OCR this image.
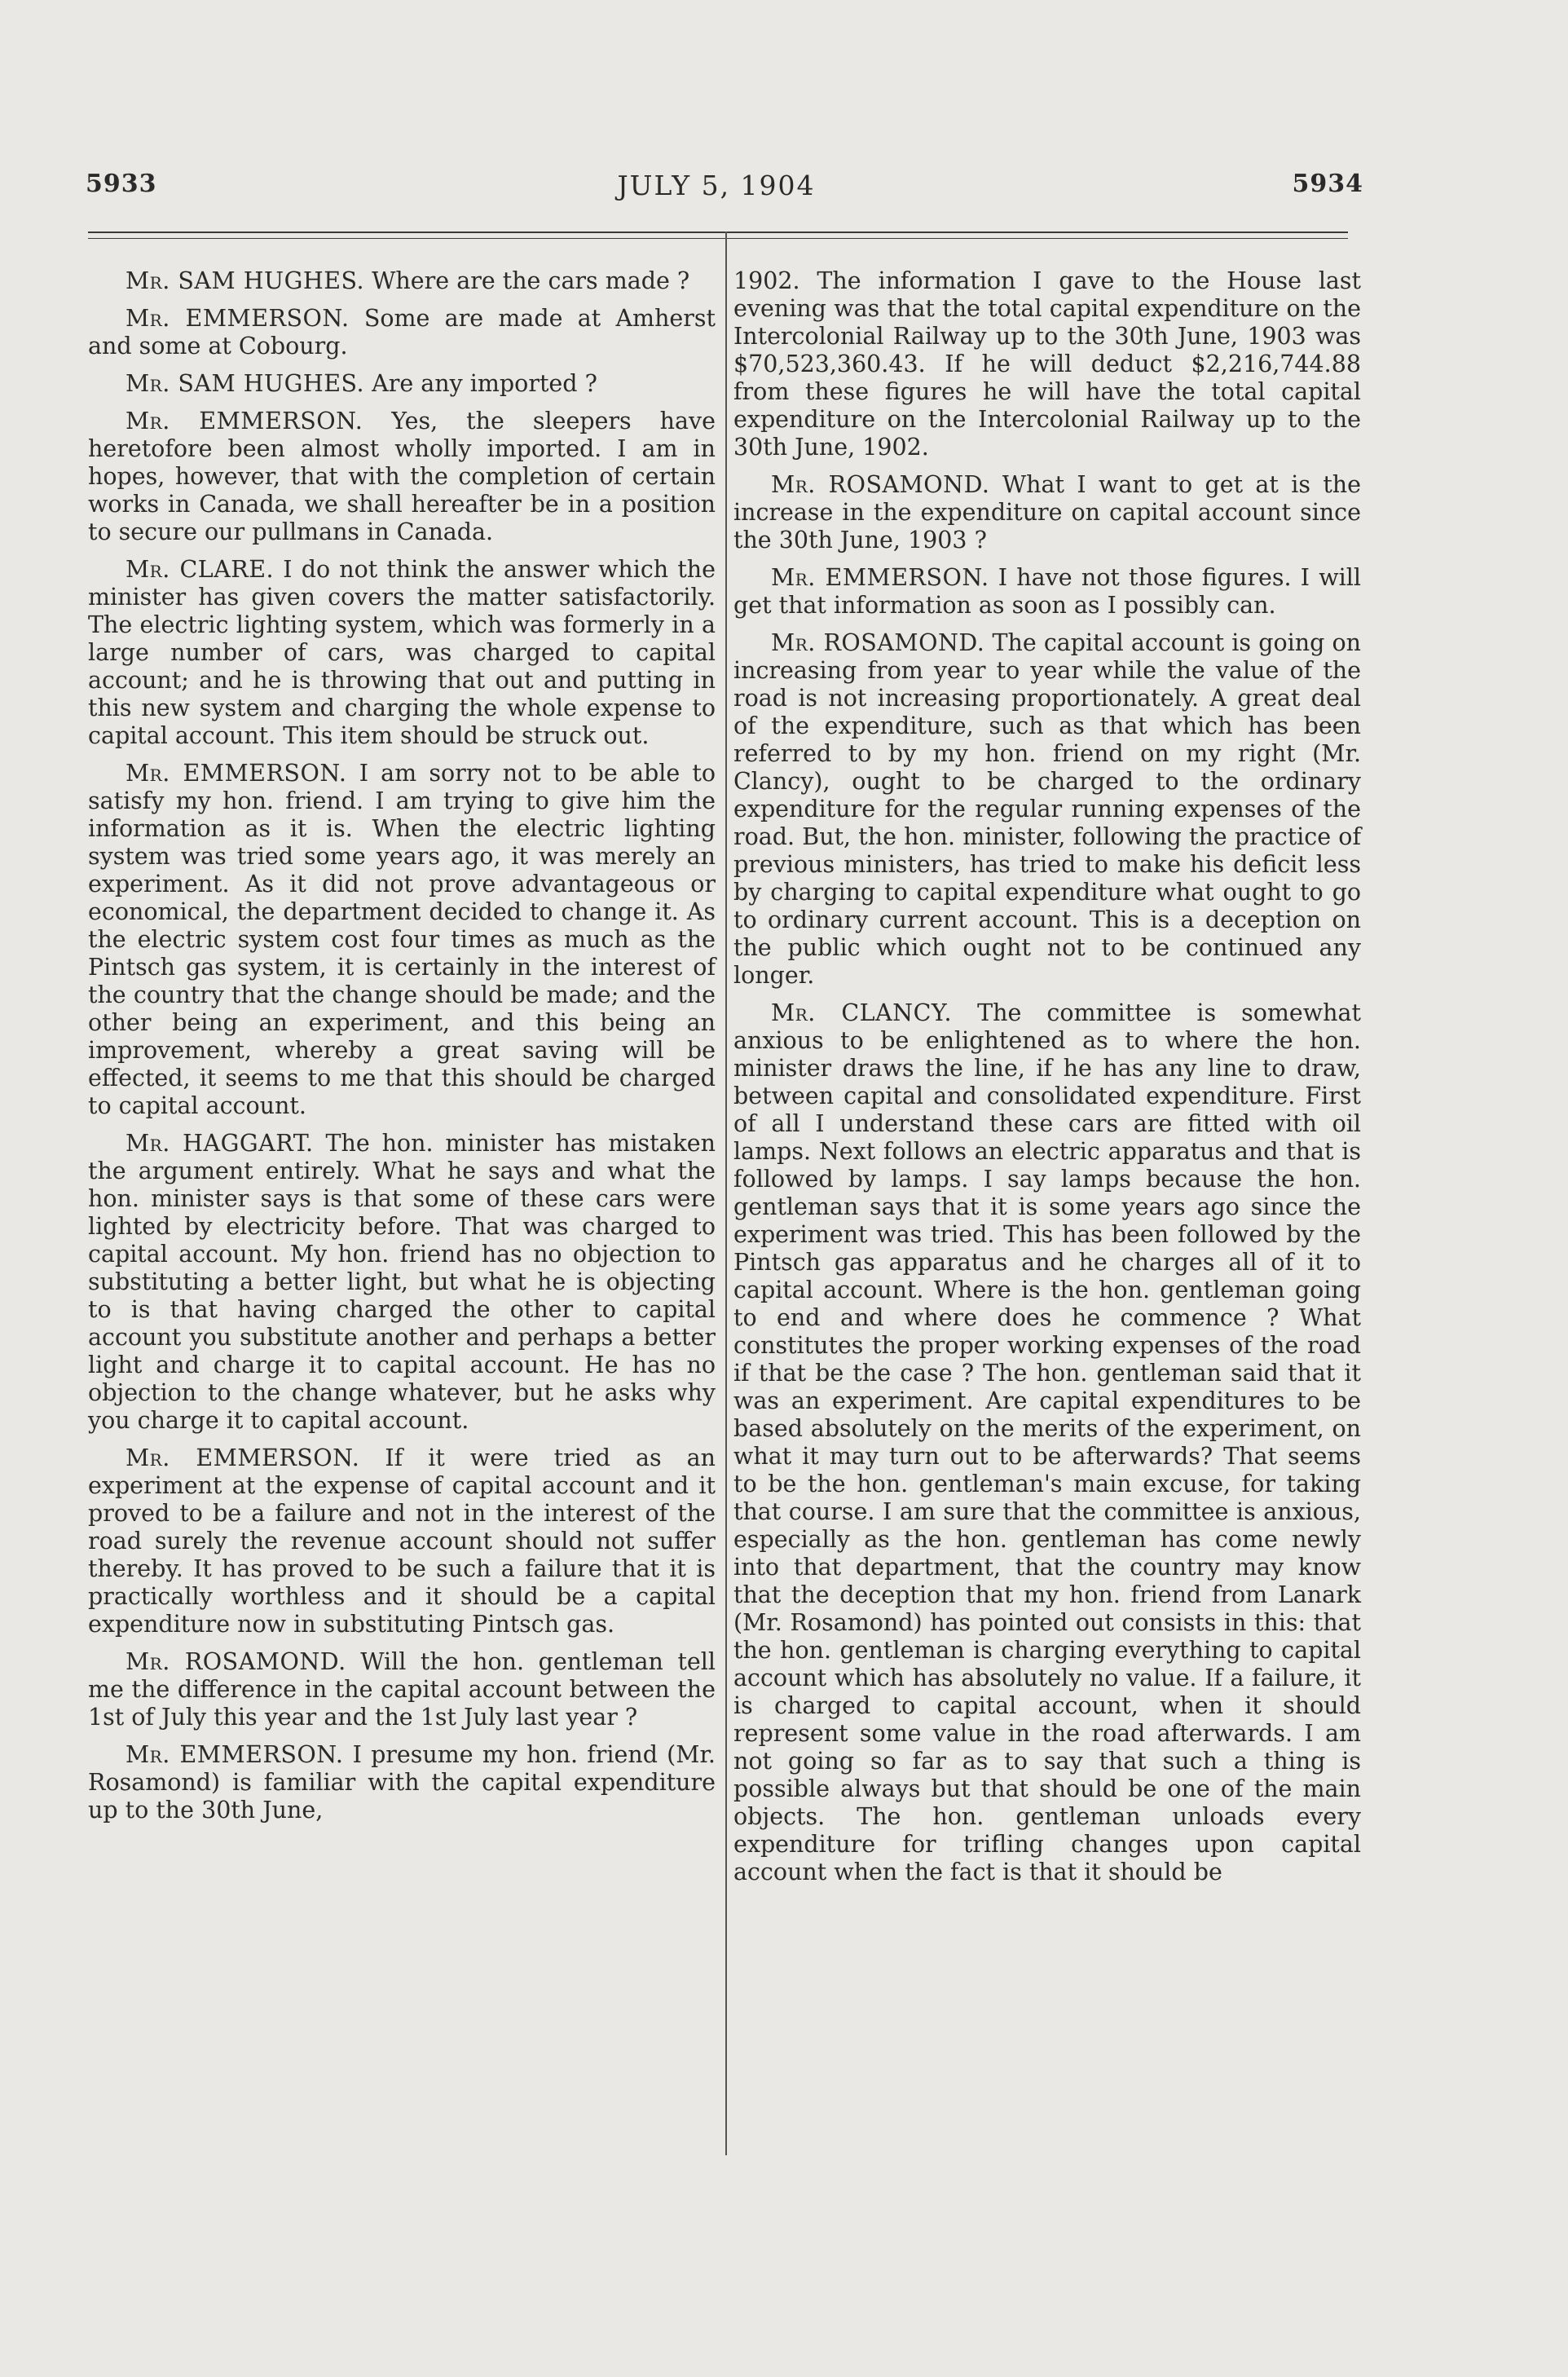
5933	JULY 5, 1904	5934

Mr. SAM HUGHES. Where are the cars made ?

Mr. EMMERSON. Some are made at Amherst and some at Cobourg.

Mr. SAM HUGHES. Are any imported ?

Mr. EMMERSON. Yes, the sleepers have heretofore been almost wholly imported. I am in hopes, however, that with the completion of certain works in Canada, we shall hereafter be in a position to secure our pullmans in Canada.

Mr. CLARE. I do not think the answer which the minister has given covers the matter satisfactorily. The electric lighting system, which was formerly in a large number of cars, was charged to capital account; and he is throwing that out and putting in this new system and charging the whole expense to capital account. This item should be struck out.

Mr. EMMERSON. I am sorry not to be able to satisfy my hon. friend. I am trying to give him the information as it is. When the electric lighting system was tried some years ago, it was merely an experiment. As it did not prove advantageous or economical, the department decided to change it. As the electric system cost four times as much as the Pintsch gas system, it is certainly in the interest of the country that the change should be made; and the other being an experiment, and this being an improvement, whereby a great saving will be effected, it seems to me that this should be charged to capital account.

Mr. HAGGART. The hon. minister has mistaken the argument entirely. What he says and what the hon. minister says is that some of these cars were lighted by electricity before. That was charged to capital account. My hon. friend has no objection to substituting a better light, but what he is objecting to is that having charged the other to capital account you substitute another and perhaps a better light and charge it to capital account. He has no objection to the change whatever, but he asks why you charge it to capital account.

Mr. EMMERSON. If it were tried as an experiment at the expense of capital account and it proved to be a failure and not in the interest of the road surely the revenue account should not suffer thereby. It has proved to be such a failure that it is practically worthless and it should be a capital expenditure now in substituting Pintsch gas.

Mr. ROSAMOND. Will the hon. gentleman tell me the difference in the capital account between the 1st of July this year and the 1st July last year ?

Mr. EMMERSON. I presume my hon. friend (Mr. Rosamond) is familiar with the capital expenditure up to the 30th June,

1902. The information I gave to the House last evening was that the total capital expenditure on the Intercolonial Railway up to the 30th June, 1903 was $70,523,360.43. If he will deduct $2,216,744.88 from these figures he will have the total capital expenditure on the Intercolonial Railway up to the 30th June, 1902.

Mr. ROSAMOND. What I want to get at is the increase in the expenditure on capital account since the 30th June, 1903 ?

Mr. EMMERSON. I have not those figures. I will get that information as soon as I possibly can.

Mr. ROSAMOND. The capital account is going on increasing from year to year while the value of the road is not increasing proportionately. A great deal of the expenditure, such as that which has been referred to by my hon. friend on my right (Mr. Clancy), ought to be charged to the ordinary expenditure for the regular running expenses of the road. But, the hon. minister, following the practice of previous ministers, has tried to make his deficit less by charging to capital expenditure what ought to go to ordinary current account. This is a deception on the public which ought not to be continued any longer.

Mr. CLANCY. The committee is somewhat anxious to be enlightened as to where the hon. minister draws the line, if he has any line to draw, between capital and consolidated expenditure. First of all I understand these cars are fitted with oil lamps. Next follows an electric apparatus and that is followed by lamps. I say lamps because the hon. gentleman says that it is some years ago since the experiment was tried. This has been followed by the Pintsch gas apparatus and he charges all of it to capital account. Where is the hon. gentleman going to end and where does he commence ? What constitutes the proper working expenses of the road if that be the case ? The hon. gentleman said that it was an experiment. Are capital expenditures to be based absolutely on the merits of the experiment, on what it may turn out to be afterwards? That seems to be the hon. gentleman's main excuse, for taking that course. I am sure that the committee is anxious, especially as the hon. gentleman has come newly into that department, that the country may know that the deception that my hon. friend from Lanark (Mr. Rosamond) has pointed out consists in this: that the hon. gentleman is charging everything to capital account which has absolutely no value. If a failure, it is charged to capital account, when it should represent some value in the road afterwards. I am not going so far as to say that such a thing is possible always but that should be one of the main objects. The hon. gentleman unloads every expenditure for trifling changes upon capital account when the fact is that it should be
